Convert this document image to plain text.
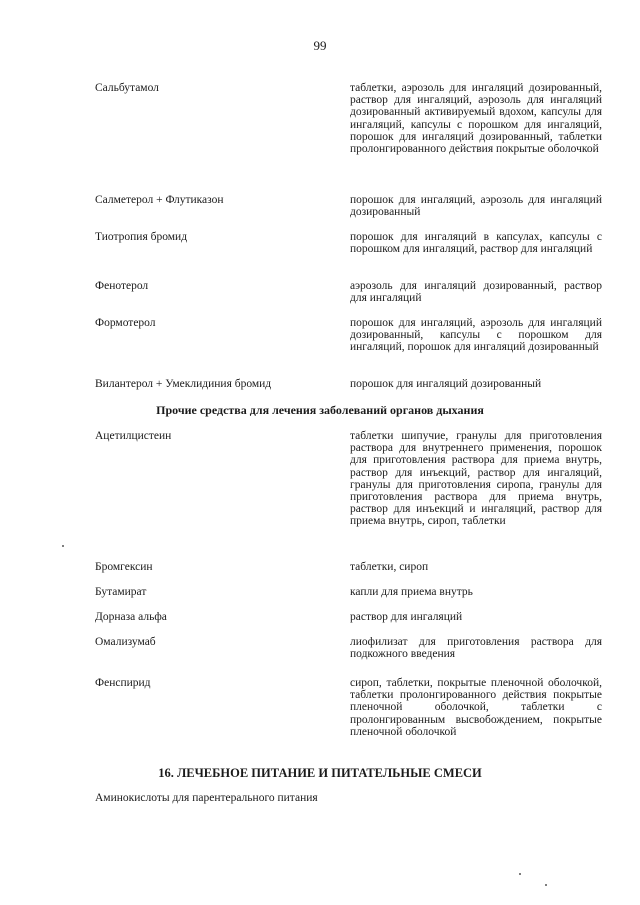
99
Сальбутамол	таблетки, аэрозоль для ингаляций дозированный, раствор для ингаляций, аэрозоль для ингаляций дозированный активируемый вдохом, капсулы для ингаляций, капсулы с порошком для ингаляций, порошок для ингаляций дозированный, таблетки пролонгированного действия покрытые оболочкой
Салметерол + Флутиказон	порошок для ингаляций, аэрозоль для ингаляций дозированный
Тиотропия бромид	порошок для ингаляций в капсулах, капсулы с порошком для ингаляций, раствор для ингаляций
Фенотерол	аэрозоль для ингаляций дозированный, раствор для ингаляций
Формотерол	порошок для ингаляций, аэрозоль для ингаляций дозированный, капсулы с порошком для ингаляций, порошок для ингаляций дозированный
Вилантерол + Умеклидиния бромид	порошок для ингаляций дозированный
Прочие средства для лечения заболеваний органов дыхания
Ацетилцистеин	таблетки шипучие, гранулы для приготовления раствора для внутреннего применения, порошок для приготовления раствора для приема внутрь, раствор для инъекций, раствор для ингаляций, гранулы для приготовления сиропа, гранулы для приготовления раствора для приема внутрь, раствор для инъекций и ингаляций, раствор для приема внутрь, сироп, таблетки
Бромгексин	таблетки, сироп
Бутамират	капли для приема внутрь
Дорназа альфа	раствор для ингаляций
Омализумаб	лиофилизат для приготовления раствора для подкожного введения
Фенспирид	сироп, таблетки, покрытые пленочной оболочкой, таблетки пролонгированного действия покрытые пленочной оболочкой, таблетки с пролонгированным высвобождением, покрытые пленочной оболочкой
16. ЛЕЧЕБНОЕ ПИТАНИЕ И ПИТАТЕЛЬНЫЕ СМЕСИ
Аминокислоты для парентерального питания
